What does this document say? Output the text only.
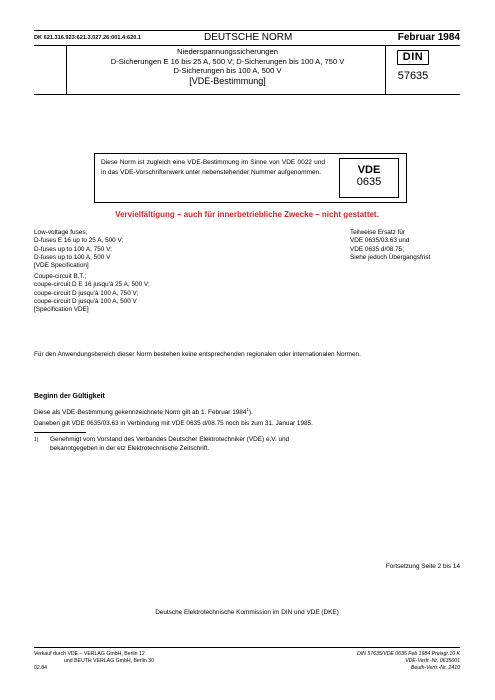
DK 621.316.923:621.3.027.26:001.4:620.1	DEUTSCHE NORM	Februar 1984
Niederspannungssicherungen
D-Sicherungen E 16 bis 25 A, 500 V; D-Sicherungen bis 100 A, 750 V
D-Sicherungen bis 100 A, 500 V
[VDE-Bestimmung]
DIN
57635
Diese Norm ist zugleich eine VDE-Bestimmung im Sinne von VDE 0022 und in das VDE-Vorschriftenwerk unter nebenstehender Nummer aufgenommen.	VDE
0635
Vervielfältigung – auch für innerbetriebliche Zwecke – nicht gestattet.
Low-voltage fuses;
D-fuses E 16 up to 25 A, 500 V;
D-fuses up to 100 A, 750 V;
D-fuses up to 100 A, 500 V
[VDE Specification]
Teilweise Ersatz für
VDE 0635/03.63 und
VDE 0635 d/08.75;
Siehe jedoch Übergangsfrist
Coupe-circuit B.T.;
coupe-circuit D E 16 jusqu'à 25 A, 500 V;
coupe-circuit D jusqu'à 100 A, 750 V;
coupe-circuit D jusqu'à 100 A, 500 V
[Spécification VDE]
Für den Anwendungsbereich dieser Norm bestehen keine entsprechenden regionalen oder internationalen Normen.
Beginn der Gültigkeit
Diese als VDE-Bestimmung gekennzeichnete Norm gilt ab 1. Februar 1984$^1$).
Daneben gilt VDE 0635/03.63 in Verbindung mit VDE 0635 d/08.75 noch bis zum 31. Januar 1985.
1) Genehmigt vom Vorstand des Verbandes Deutscher Elektrotechniker (VDE) e.V. und
bekanntgegeben in der etz Elektrotechnische Zeitschrift.
Fortsetzung Seite 2 bis 14
Deutsche Elektrotechnische Kommission im DIN und VDE (DKE)
Verkauf durch VDE – VERLAG GmbH, Berlin 12
und BEUTH VERLAG GmbH, Berlin 30
02.84
DIN 57635/VDE 0635 Feb 1984 Preisgr.10 K
VDE-Vertr.-Nr. 0635001
Beuth-Vertr.-Nr. 2410
